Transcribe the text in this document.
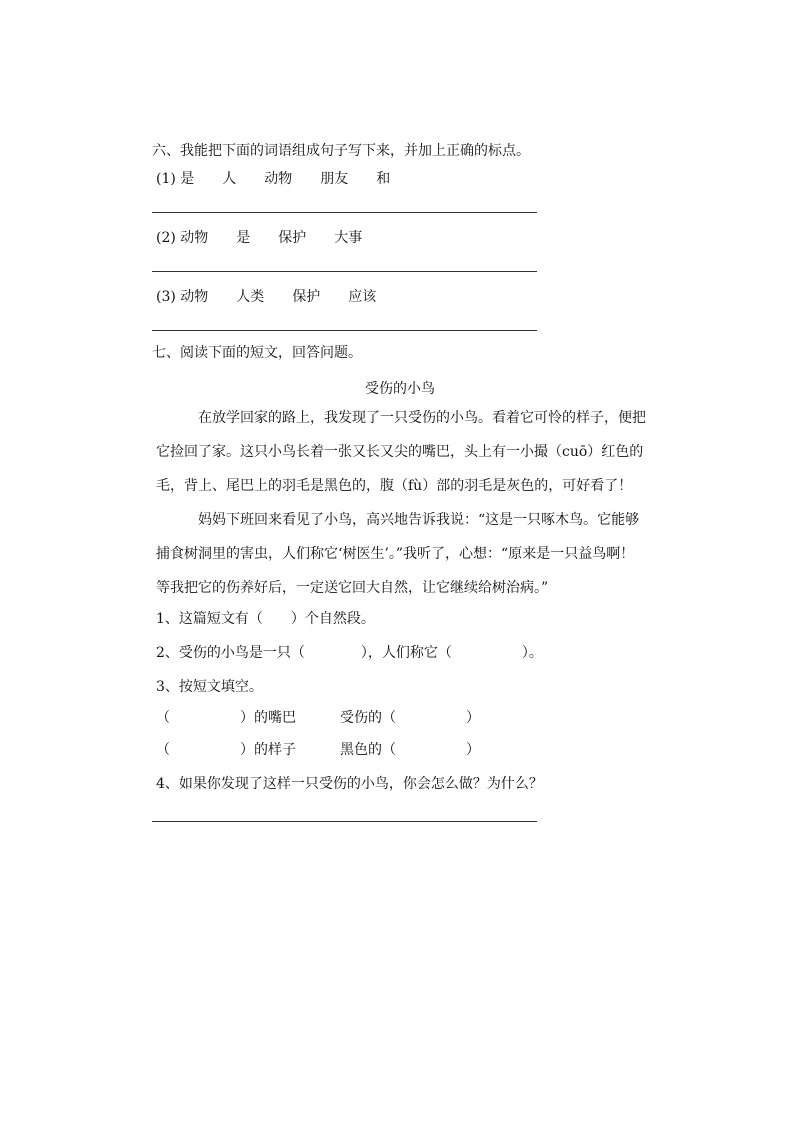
六、我能把下面的词语组成句子写下来，并加上正确的标点。
(1) 是　　人　　动物　　朋友　　和
(2) 动物　　是　　保护　　大事
(3) 动物　　人类　　保护　　应该
七、阅读下面的短文，回答问题。
受伤的小鸟
在放学回家的路上，我发现了一只受伤的小鸟。看着它可怜的样子，便把
它捡回了家。这只小鸟长着一张又长又尖的嘴巴，头上有一小撮（cuō）红色的
毛，背上、尾巴上的羽毛是黑色的，腹（fù）部的羽毛是灰色的，可好看了！
妈妈下班回来看见了小鸟，高兴地告诉我说：“这是一只啄木鸟。它能够
捕食树洞里的害虫，人们称它‘树医生’。”我听了，心想：“原来是一只益鸟啊！
等我把它的伤养好后，一定送它回大自然，让它继续给树治病。”
1、这篇短文有（　　）个自然段。
2、受伤的小鸟是一只（　　　　），人们称它（　　　　　）。
3、按短文填空。
（　　　　　）的嘴巴	受伤的（　　　　　）
（　　　　　）的样子	黑色的（　　　　　）
4、如果你发现了这样一只受伤的小鸟，你会怎么做？为什么？
